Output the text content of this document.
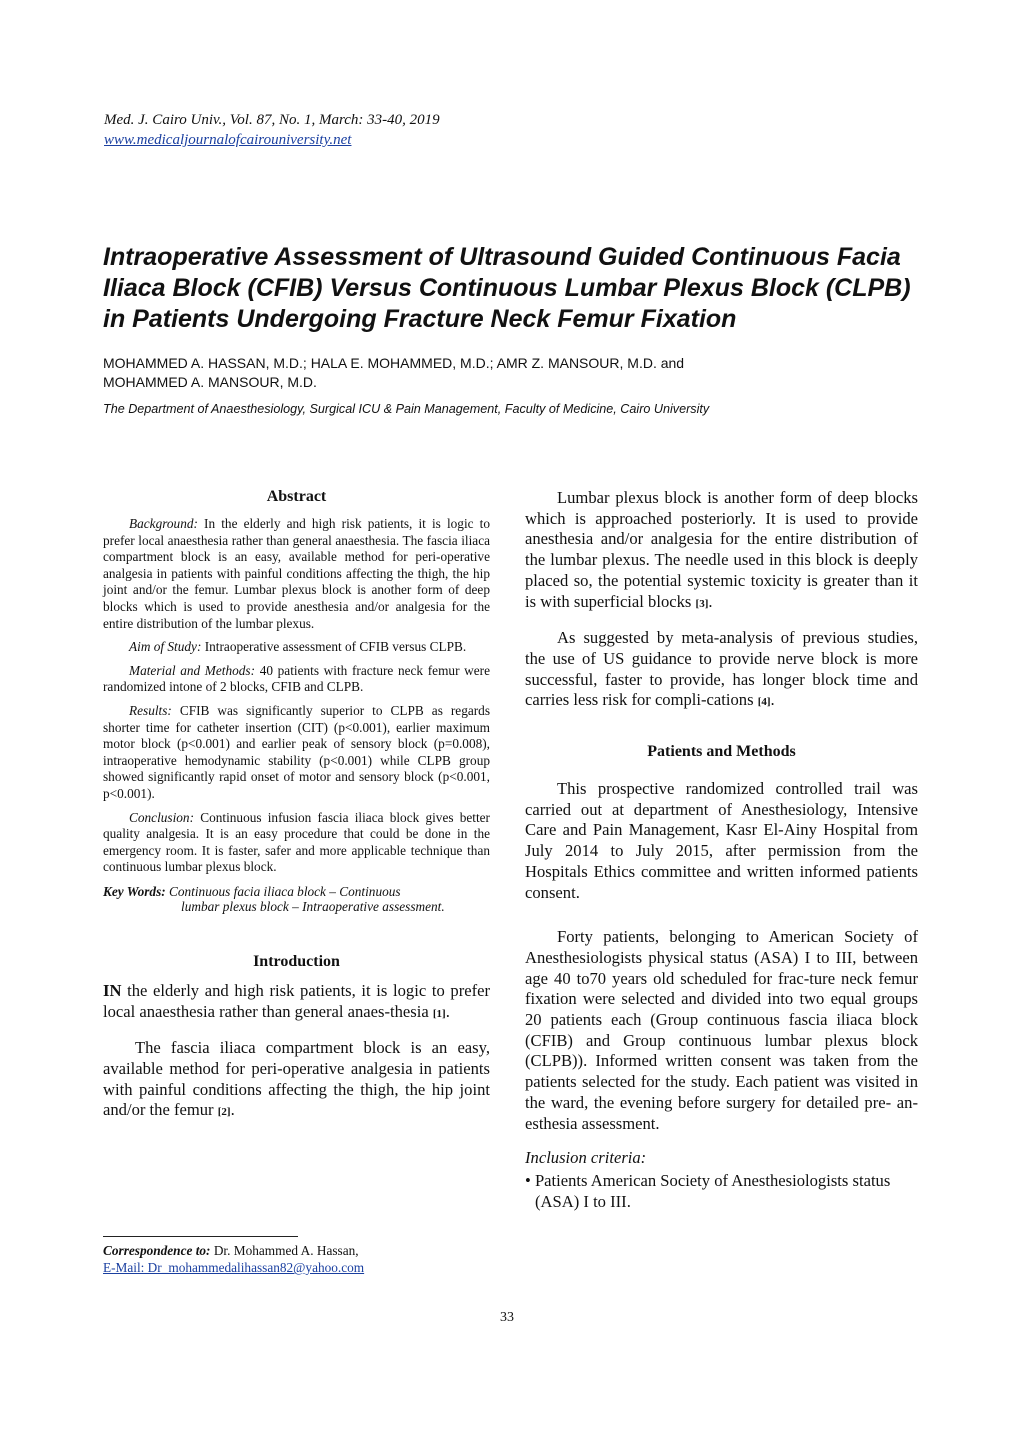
Med. J. Cairo Univ., Vol. 87, No. 1, March: 33-40, 2019
www.medicaljournalofcairouniversity.net
Intraoperative Assessment of Ultrasound Guided Continuous Facia
Iliaca Block (CFIB) Versus Continuous Lumbar Plexus Block (CLPB)
in Patients Undergoing Fracture Neck Femur Fixation
MOHAMMED A. HASSAN, M.D.; HALA E. MOHAMMED, M.D.; AMR Z. MANSOUR, M.D. and
MOHAMMED A. MANSOUR, M.D.
The Department of Anaesthesiology, Surgical ICU & Pain Management, Faculty of Medicine, Cairo University
Abstract

Background: In the elderly and high risk patients, it is logic to prefer local anaesthesia rather than general anaesthesia. The fascia iliaca compartment block is an easy, available method for peri-operative analgesia in patients with painful conditions affecting the thigh, the hip joint and/or the femur. Lumbar plexus block is another form of deep blocks which is used to provide anesthesia and/or analgesia for the entire distribution of the lumbar plexus.

Aim of Study: Intraoperative assessment of CFIB versus CLPB.

Material and Methods: 40 patients with fracture neck femur were randomized intone of 2 blocks, CFIB and CLPB.

Results: CFIB was significantly superior to CLPB as regards shorter time for catheter insertion (CIT) (p<0.001), earlier maximum motor block (p<0.001) and earlier peak of sensory block (p=0.008), intraoperative hemodynamic stability (p<0.001) while CLPB group showed significantly rapid onset of motor and sensory block (p<0.001, p<0.001).

Conclusion: Continuous infusion fascia iliaca block gives better quality analgesia. It is an easy procedure that could be done in the emergency room. It is faster, safer and more applicable technique than continuous lumbar plexus block.

Key Words: Continuous facia iliaca block – Continuous
lumbar plexus block – Intraoperative assessment.
Introduction

IN the elderly and high risk patients, it is logic to prefer local anaesthesia rather than general anaes-thesia [1].

The fascia iliaca compartment block is an easy, available method for peri-operative analgesia in patients with painful conditions affecting the thigh, the hip joint and/or the femur [2].

Lumbar plexus block is another form of deep blocks which is approached posteriorly. It is used to provide anesthesia and/or analgesia for the entire distribution of the lumbar plexus. The needle used in this block is deeply placed so, the potential systemic toxicity is greater than it is with superficial blocks [3].

As suggested by meta-analysis of previous studies, the use of US guidance to provide nerve block is more successful, faster to provide, has longer block time and carries less risk for compli-cations [4].

Patients and Methods

This prospective randomized controlled trail was carried out at department of Anesthesiology, Intensive Care and Pain Management, Kasr El-Ainy Hospital from July 2014 to July 2015, after permission from the Hospitals Ethics committee and written informed patients consent.

Forty patients, belonging to American Society of Anesthesiologists physical status (ASA) I to III, between age 40 to70 years old scheduled for frac-ture neck femur fixation were selected and divided into two equal groups 20 patients each (Group continuous fascia iliaca block (CFIB) and Group continuous lumbar plexus block (CLPB)). Informed written consent was taken from the patients selected for the study. Each patient was visited in the ward, the evening before surgery for detailed pre- an-esthesia assessment.

Inclusion criteria:

• Patients American Society of Anesthesiologists status (ASA) I to III.

Correspondence to: Dr. Mohammed A. Hassan,
E-Mail: Dr_mohammedalihassan82@yahoo.com
33
